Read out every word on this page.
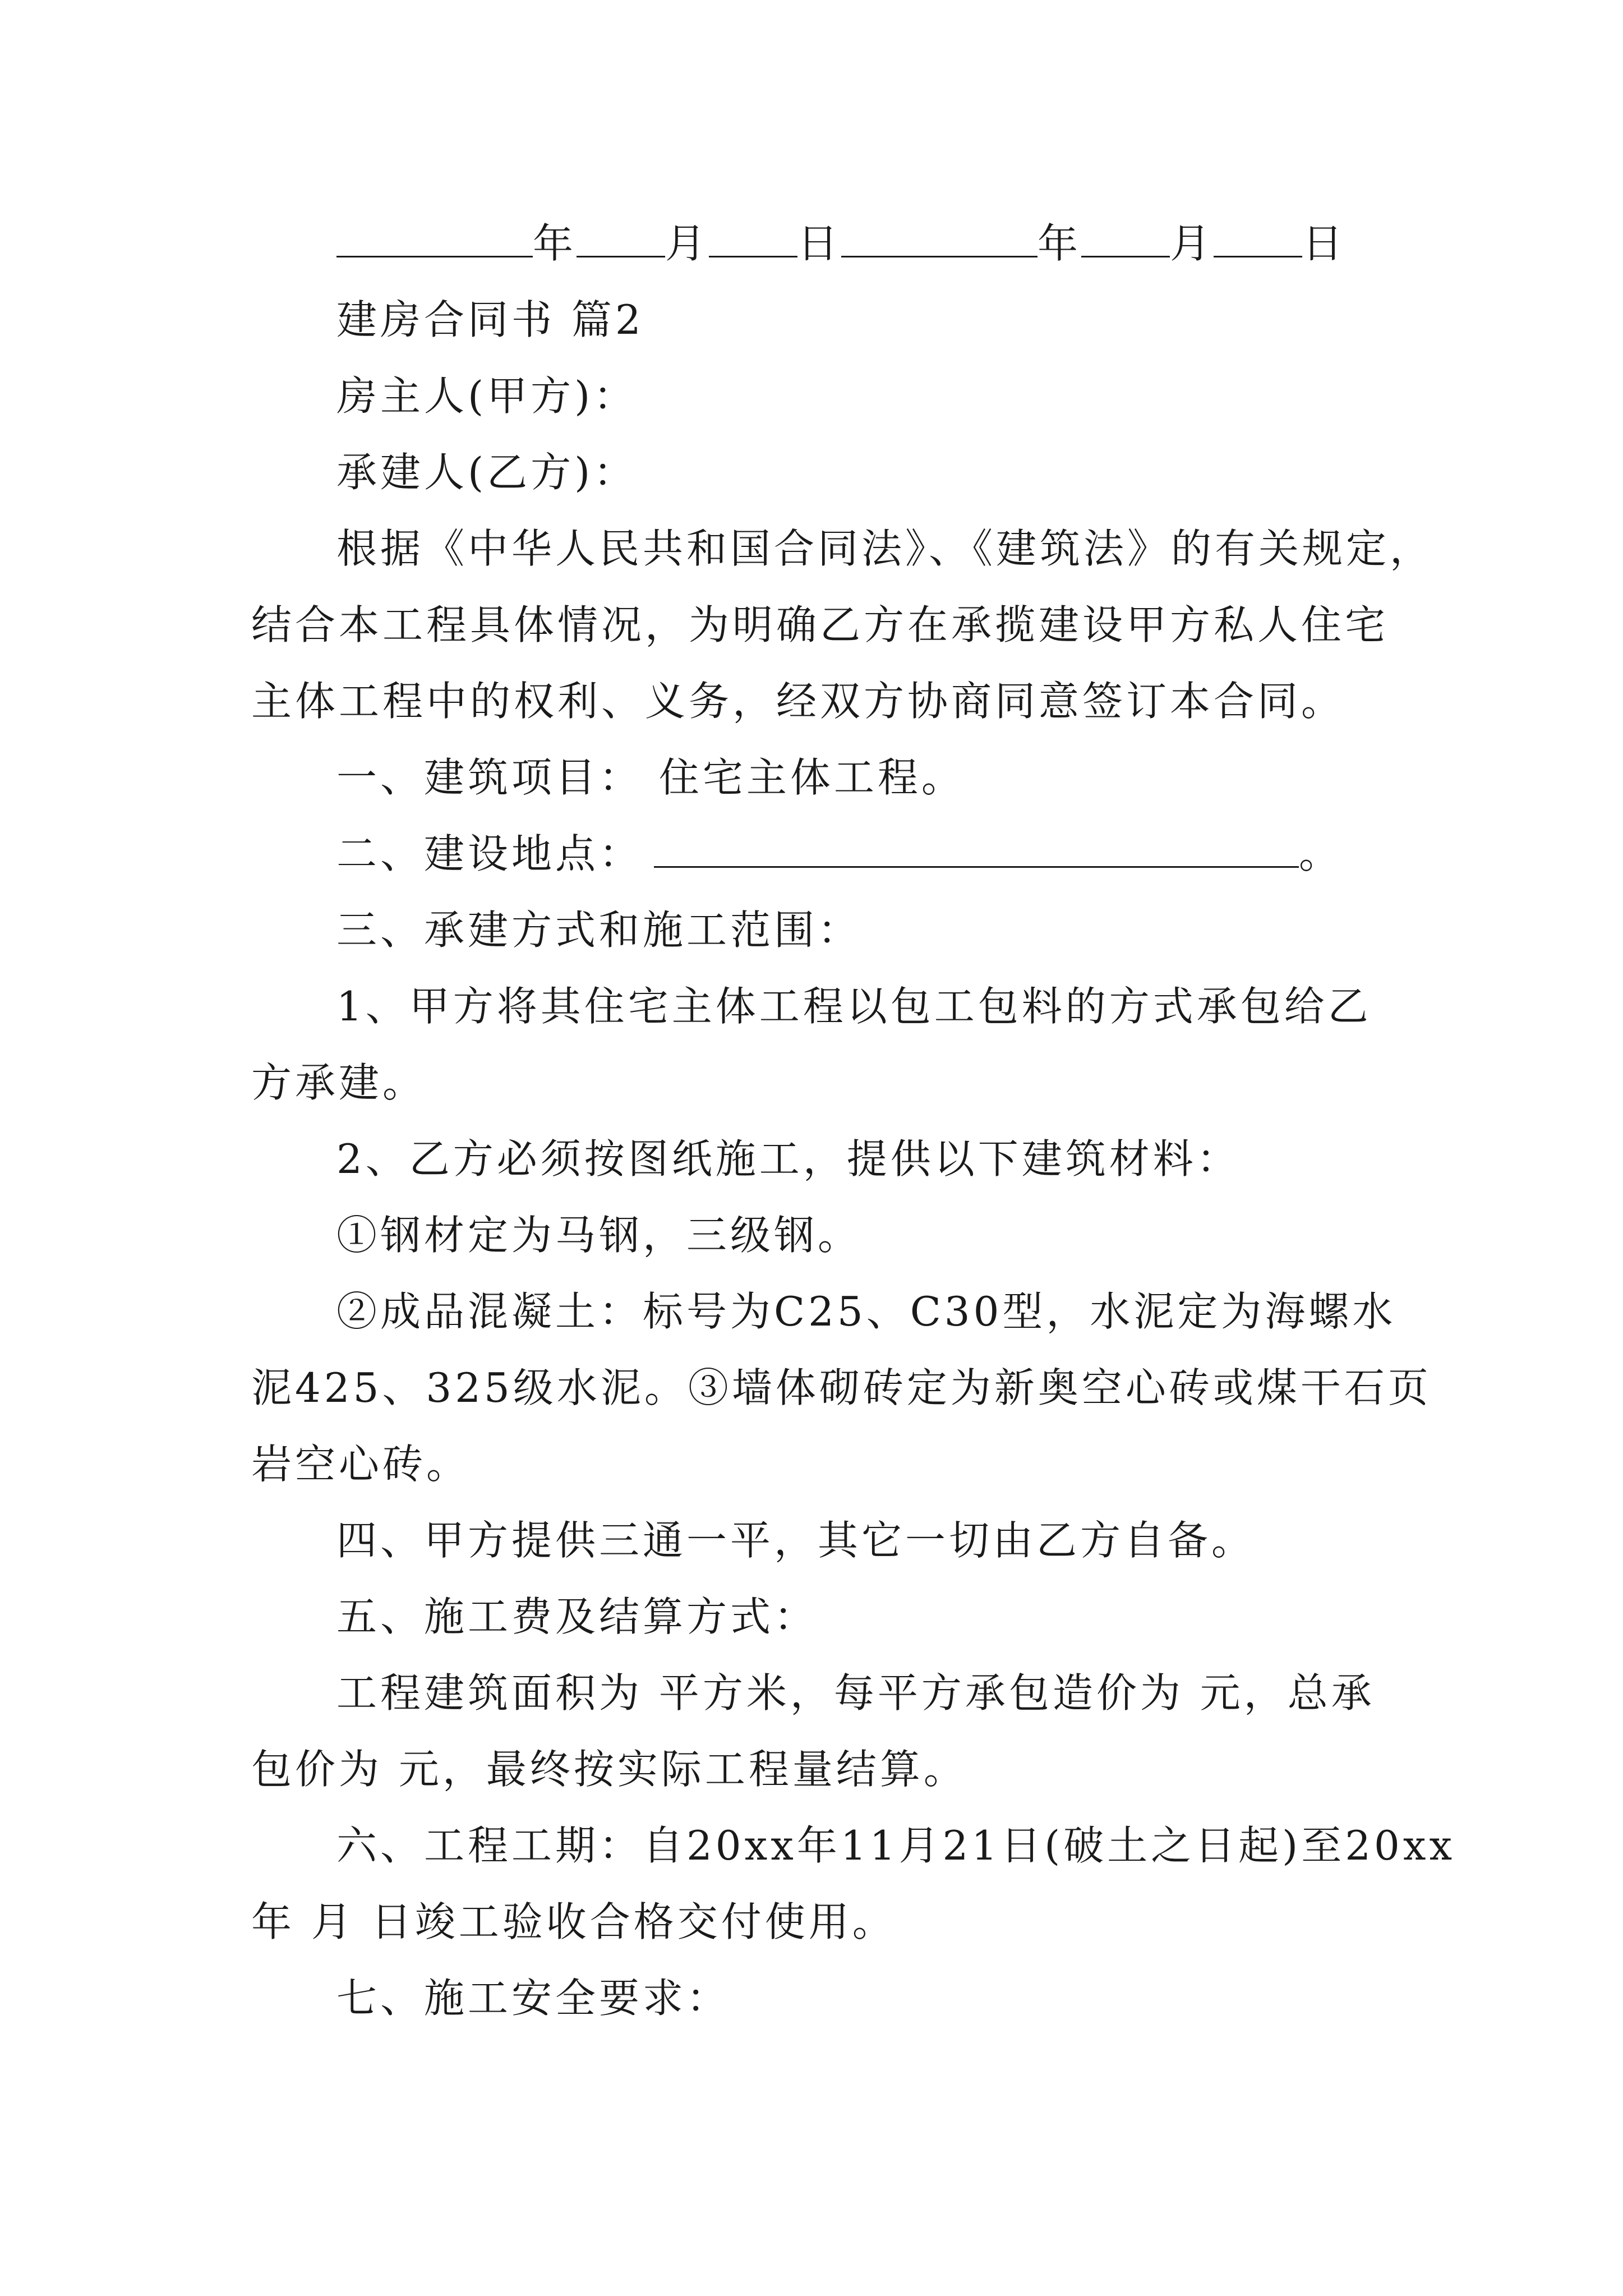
年 月 日	年 月 日
建房合同书 篇2
房主人(甲方)：
承建人(乙方)：
根据《中华人民共和国合同法》、《建筑法》的有关规定，
结合本工程具体情况，为明确乙方在承揽建设甲方私人住宅
主体工程中的权利、义务，经双方协商同意签订本合同。
一、建筑项目： 住宅主体工程。
二、建设地点：	。
三、承建方式和施工范围：
1、甲方将其住宅主体工程以包工包料的方式承包给乙
方承建。
2、乙方必须按图纸施工，提供以下建筑材料：
①钢材定为马钢，三级钢。
②成品混凝土：标号为C25、C30型，水泥定为海螺水
泥425、325级水泥。③墙体砌砖定为新奥空心砖或煤干石页
岩空心砖。
四、甲方提供三通一平，其它一切由乙方自备。
五、施工费及结算方式：
工程建筑面积为 平方米，每平方承包造价为 元，总承
包价为 元，最终按实际工程量结算。
六、工程工期：自20xx年11月21日(破土之日起)至20xx
年 月 日竣工验收合格交付使用。
七、施工安全要求：
